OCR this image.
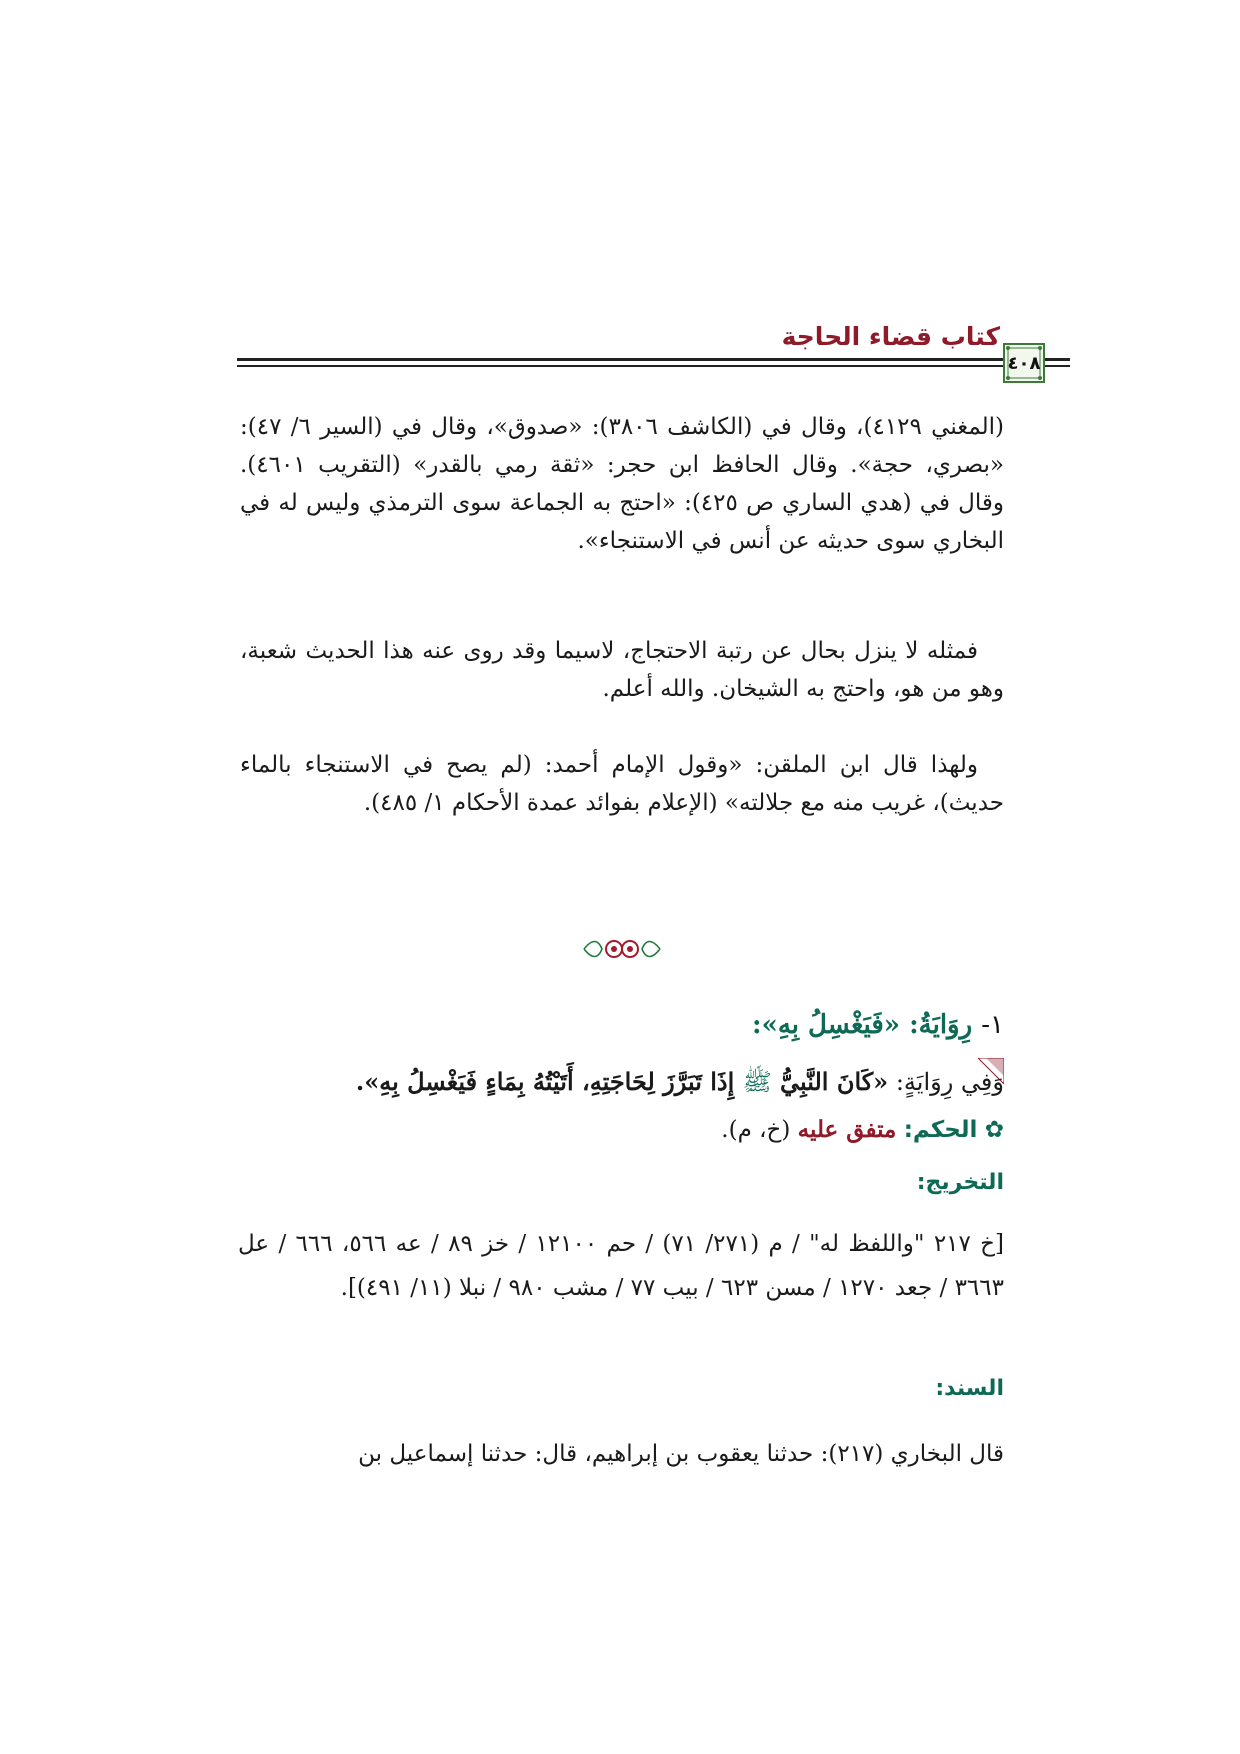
كتاب قضاء الحاجة
٤٠٨
(المغني ٤١٢٩)، وقال في (الكاشف ٣٨٠٦): «صدوق»، وقال في (السير ٦/ ٤٧): «بصري، حجة». وقال الحافظ ابن حجر: «ثقة رمي بالقدر» (التقريب ٤٦٠١). وقال في (هدي الساري ص ٤٢٥): «احتج به الجماعة سوى الترمذي وليس له في البخاري سوى حديثه عن أنس في الاستنجاء».
فمثله لا ينزل بحال عن رتبة الاحتجاج، لاسيما وقد روى عنه هذا الحديث شعبة، وهو من هو، واحتج به الشيخان. والله أعلم.
ولهذا قال ابن الملقن: «وقول الإمام أحمد: (لم يصح في الاستنجاء بالماء حديث)، غريب منه مع جلالته» (الإعلام بفوائد عمدة الأحكام ١/ ٤٨٥).
١- رِوَايَةُ: «فَيَغْسِلُ بِهِ»:
وَفِي رِوَايَةٍ: «كَانَ النَّبِيُّ ﷺ إِذَا تَبَرَّزَ لِحَاجَتِهِ، أَتَيْتُهُ بِمَاءٍ فَيَغْسِلُ بِهِ».
✿ الحكم: متفق عليه (خ، م).
التخريج:
[خ ٢١٧ "واللفظ له" / م (٢٧١/ ٧١) / حم ١٢١٠٠ / خز ٨٩ / عه ٥٦٦، ٦٦٦ / عل ٣٦٦٣ / جعد ١٢٧٠ / مسن ٦٢٣ / بيب ٧٧ / مشب ٩٨٠ / نبلا (١١/ ٤٩١)].
السند:
قال البخاري (٢١٧): حدثنا يعقوب بن إبراهيم، قال: حدثنا إسماعيل بن
